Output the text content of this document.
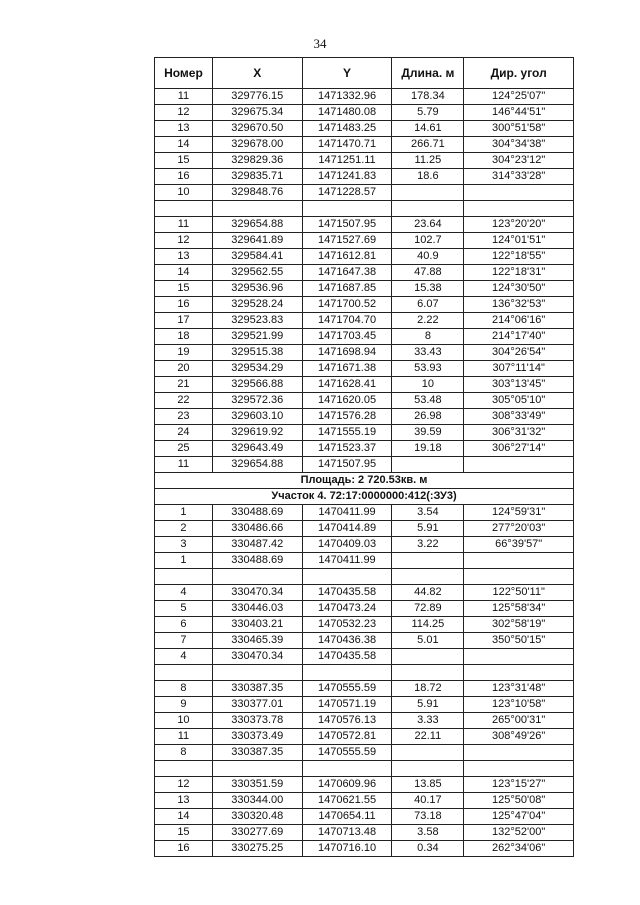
34
Номер	X	Y	Длина. м	Дир. угол
11	329776.15	1471332.96	178.34	124°25'07"
12	329675.34	1471480.08	5.79	146°44'51"
13	329670.50	1471483.25	14.61	300°51'58"
14	329678.00	1471470.71	266.71	304°34'38"
15	329829.36	1471251.11	11.25	304°23'12"
16	329835.71	1471241.83	18.6	314°33'28"
10	329848.76	1471228.57		

11	329654.88	1471507.95	23.64	123°20'20"
12	329641.89	1471527.69	102.7	124°01'51"
13	329584.41	1471612.81	40.9	122°18'55"
14	329562.55	1471647.38	47.88	122°18'31"
15	329536.96	1471687.85	15.38	124°30'50"
16	329528.24	1471700.52	6.07	136°32'53"
17	329523.83	1471704.70	2.22	214°06'16"
18	329521.99	1471703.45	8	214°17'40"
19	329515.38	1471698.94	33.43	304°26'54"
20	329534.29	1471671.38	53.93	307°11'14"
21	329566.88	1471628.41	10	303°13'45"
22	329572.36	1471620.05	53.48	305°05'10"
23	329603.10	1471576.28	26.98	308°33'49"
24	329619.92	1471555.19	39.59	306°31'32"
25	329643.49	1471523.37	19.18	306°27'14"
11	329654.88	1471507.95		
Площадь: 2 720.53кв. м				
Участок 4. 72:17:0000000:412(:ЗУ3)				
1	330488.69	1470411.99	3.54	124°59'31"
2	330486.66	1470414.89	5.91	277°20'03"
3	330487.42	1470409.03	3.22	66°39'57"
1	330488.69	1470411.99		

4	330470.34	1470435.58	44.82	122°50'11"
5	330446.03	1470473.24	72.89	125°58'34"
6	330403.21	1470532.23	114.25	302°58'19"
7	330465.39	1470436.38	5.01	350°50'15"
4	330470.34	1470435.58		

8	330387.35	1470555.59	18.72	123°31'48"
9	330377.01	1470571.19	5.91	123°10'58"
10	330373.78	1470576.13	3.33	265°00'31"
11	330373.49	1470572.81	22.11	308°49'26"
8	330387.35	1470555.59		

12	330351.59	1470609.96	13.85	123°15'27"
13	330344.00	1470621.55	40.17	125°50'08"
14	330320.48	1470654.11	73.18	125°47'04"
15	330277.69	1470713.48	3.58	132°52'00"
16	330275.25	1470716.10	0.34	262°34'06"
